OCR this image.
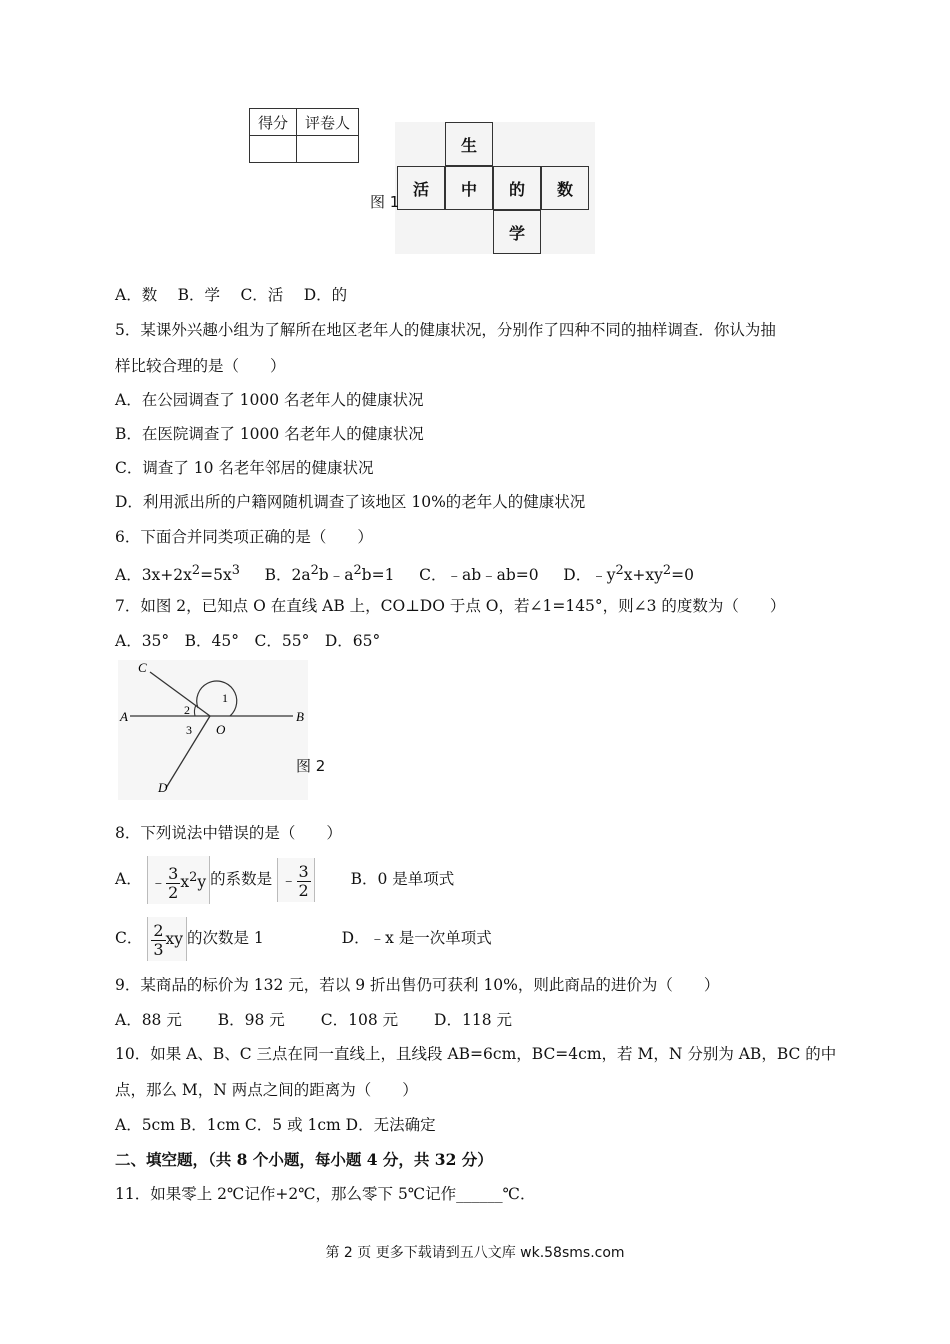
得分	评卷人

生
活	中	的	数
学
图 1
A．数　 B．学　 C．活　 D．的
5．某课外兴趣小组为了解所在地区老年人的健康状况，分别作了四种不同的抽样调查．你认为抽
样比较合理的是（　　）
A．在公园调查了 1000 名老年人的健康状况
B．在医院调查了 1000 名老年人的健康状况
C．调查了 10 名老年邻居的健康状况
D．利用派出所的户籍网随机调查了该地区 10%的老年人的健康状况
6．下面合并同类项正确的是（　　）
A．$3x+2x^2=5x^3$ B．$2a^2b﹣a^2b=1$ C．﹣ab﹣ab=0 D．$﹣y^2x+xy^2=0$
7．如图 2，已知点 O 在直线 AB 上，CO⊥DO 于点 O，若∠1=145°，则∠3 的度数为（　　）
A．35°　B．45°　C．55°　D．65°
C
A	B
D
O
1
2
3
图 2
8．下列说法中错误的是（　　）
A． ﹣ $\frac{3}{2} x^2y$ 的系数是 ﹣ $\frac{3}{2}$	B．0 是单项式
C． $\frac{2}{3}$ xy 的次数是 1	D．﹣x 是一次单项式
9．某商品的标价为 132 元，若以 9 折出售仍可获利 10%，则此商品的进价为（　　）
A．88 元　　 B．98 元　　 C．108 元　　 D．118 元
10．如果 A、B、C 三点在同一直线上，且线段 AB=6cm，BC=4cm，若 M，N 分别为 AB，BC 的中
点，那么 M，N 两点之间的距离为（　　）
A．5cm B．1cm C．5 或 1cm D．无法确定
二、填空题，（共 8 个小题，每小题 4 分，共 32 分）
11．如果零上 2℃记作+2℃，那么零下 5℃记作______℃．
第 2 页 更多下载请到五八文库 wk.58sms.com
